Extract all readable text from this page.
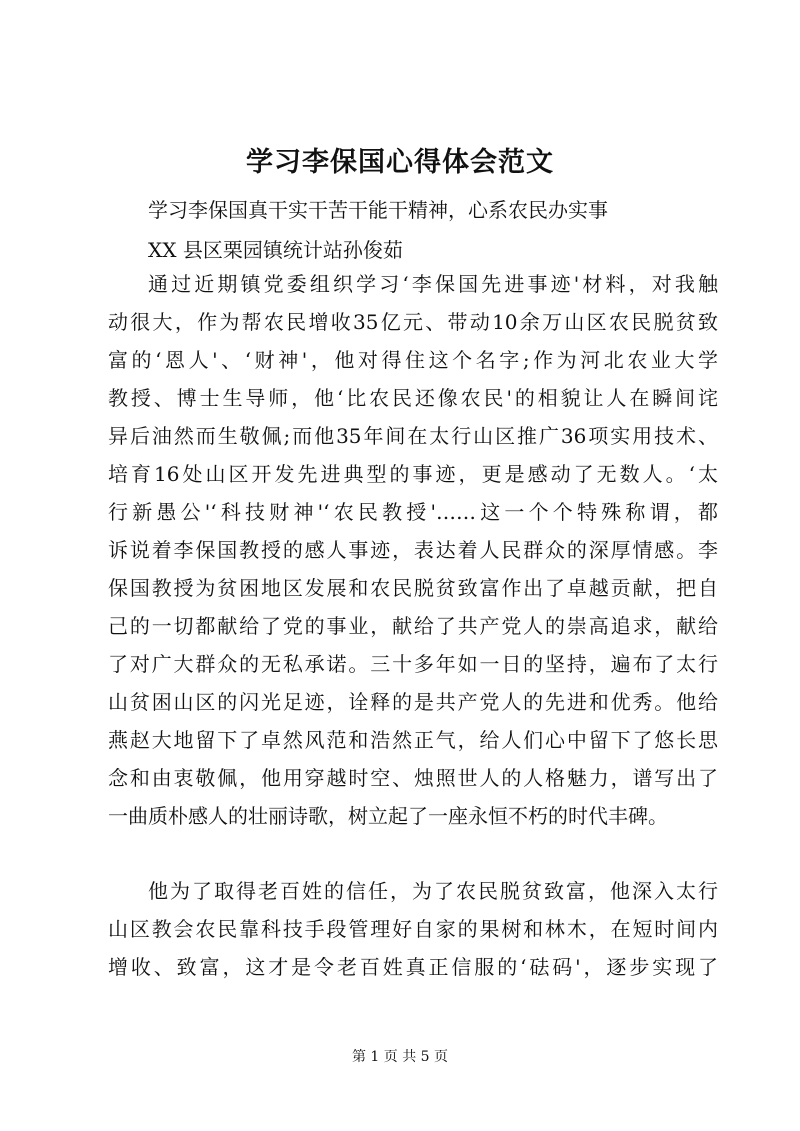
学习李保国心得体会范文
学习李保国真干实干苦干能干精神，心系农民办实事
XX 县区栗园镇统计站孙俊茹
通过近期镇党委组织学习‘李保国先进事迹'材料，对我触
动很大，作为帮农民增收35亿元、带动10余万山区农民脱贫致
富的‘恩人'、‘财神'，他对得住这个名字;作为河北农业大学
教授、博士生导师，他‘比农民还像农民'的相貌让人在瞬间诧
异后油然而生敬佩;而他35年间在太行山区推广36项实用技术、
培育16处山区开发先进典型的事迹，更是感动了无数人。‘太
行新愚公'‘科技财神'‘农民教授'……这一个个特殊称谓，都
诉说着李保国教授的感人事迹，表达着人民群众的深厚情感。李
保国教授为贫困地区发展和农民脱贫致富作出了卓越贡献，把自
己的一切都献给了党的事业，献给了共产党人的崇高追求，献给
了对广大群众的无私承诺。三十多年如一日的坚持，遍布了太行
山贫困山区的闪光足迹，诠释的是共产党人的先进和优秀。他给
燕赵大地留下了卓然风范和浩然正气，给人们心中留下了悠长思
念和由衷敬佩，他用穿越时空、烛照世人的人格魅力，谱写出了
一曲质朴感人的壮丽诗歌，树立起了一座永恒不朽的时代丰碑。
他为了取得老百姓的信任，为了农民脱贫致富，他深入太行
山区教会农民靠科技手段管理好自家的果树和林木，在短时间内
增收、致富，这才是令老百姓真正信服的‘砝码'，逐步实现了
第 1 页 共 5 页
